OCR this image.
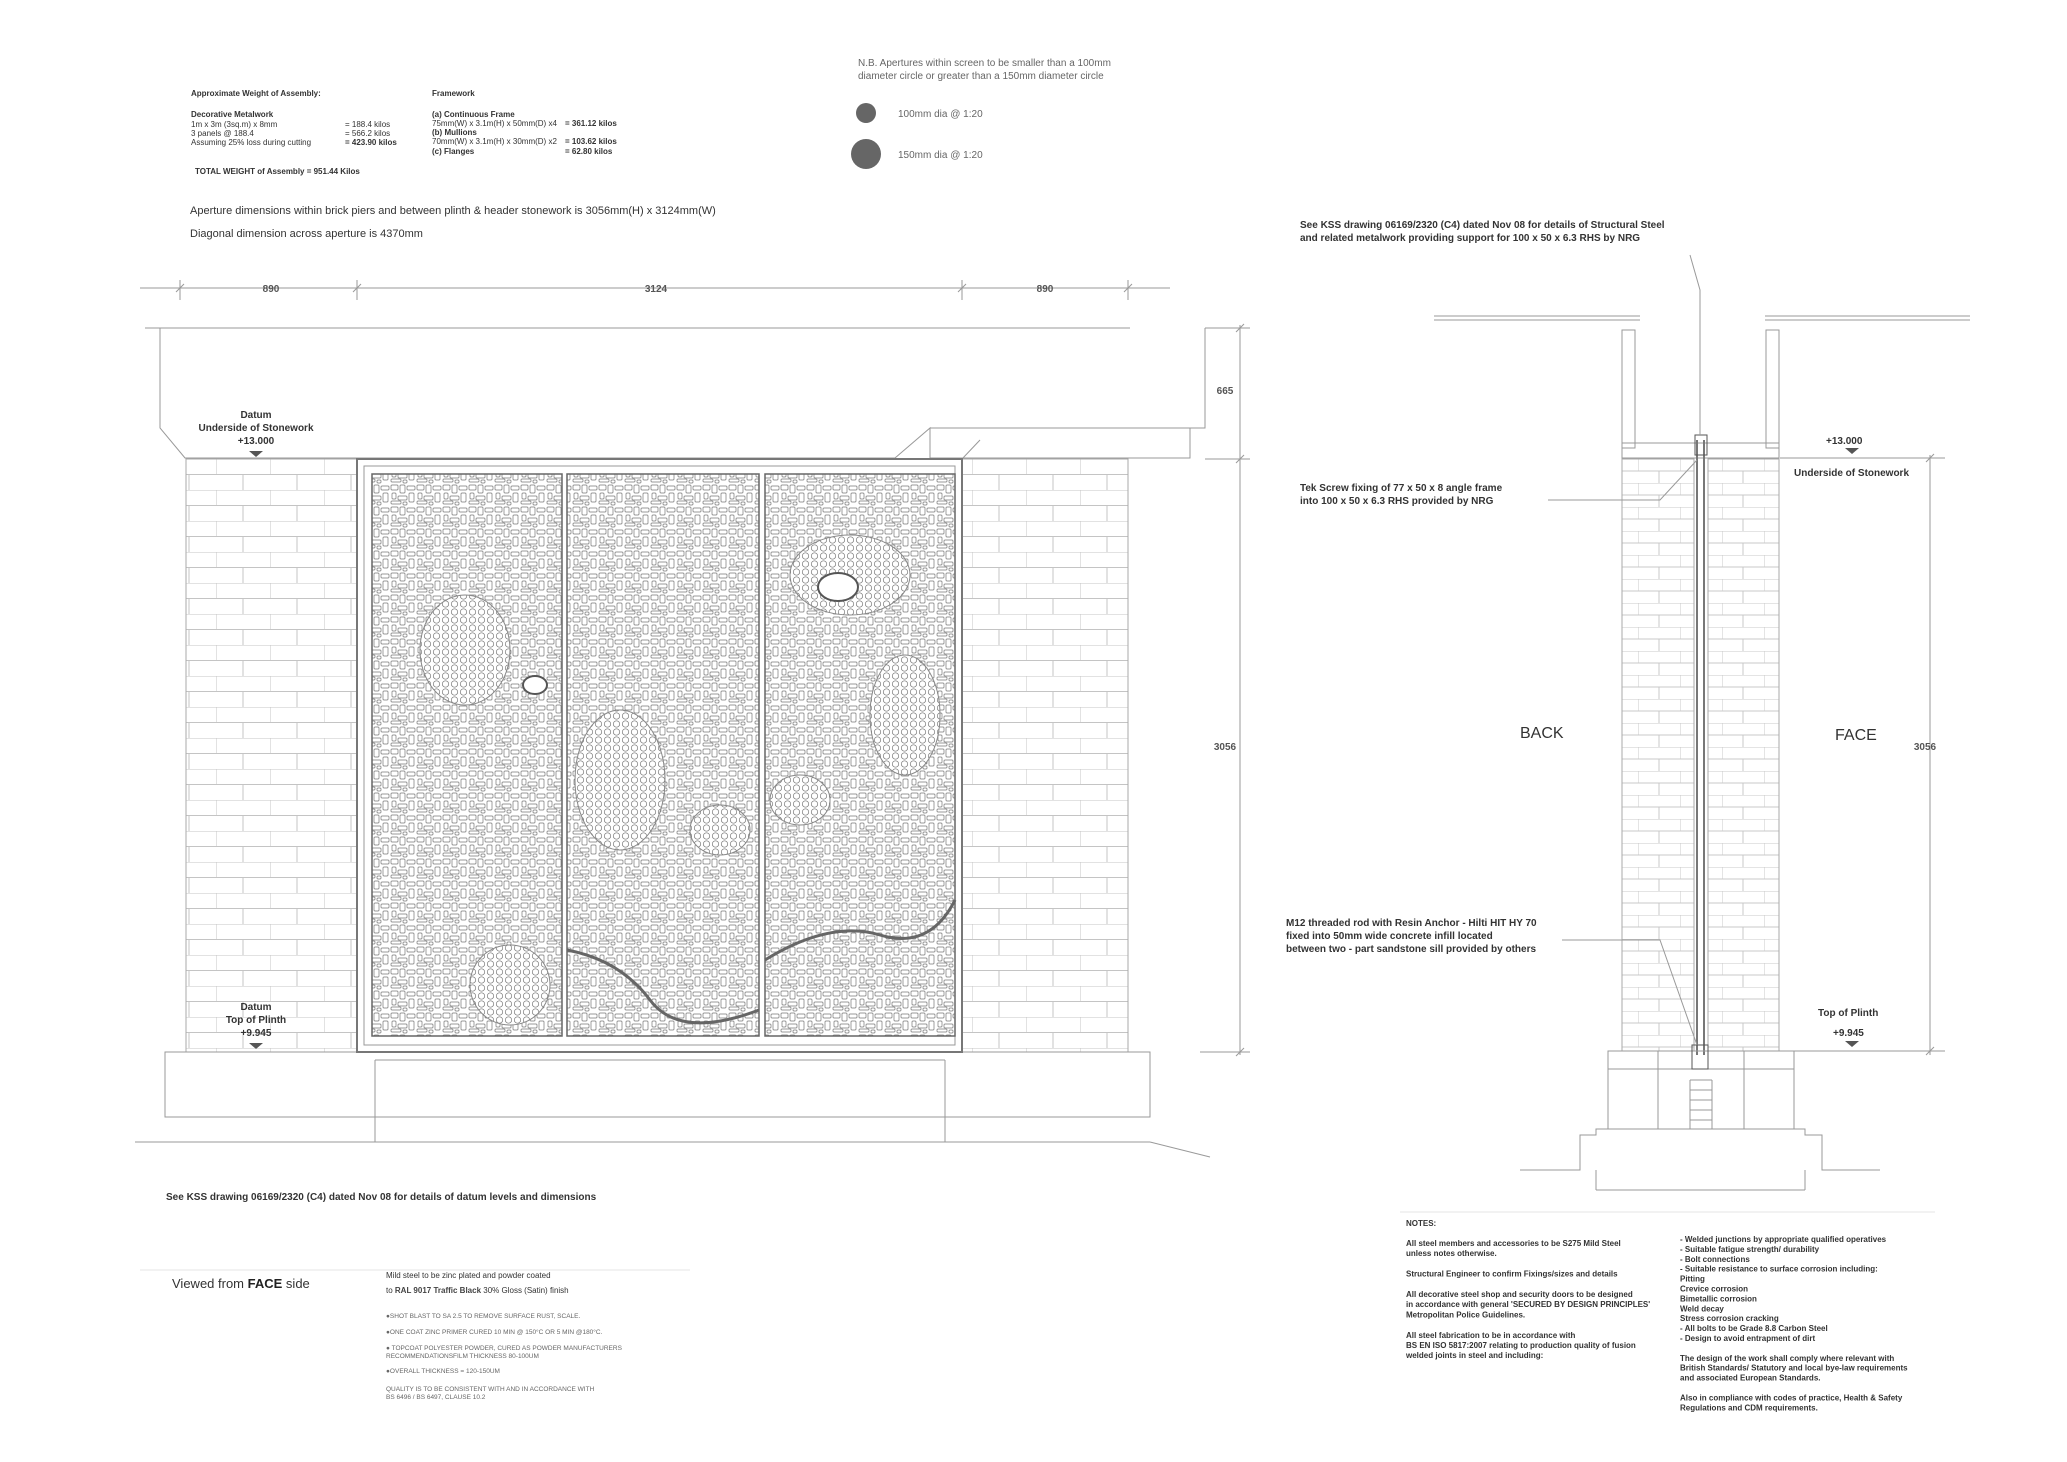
Approximate Weight of Assembly:
Decorative Metalwork
1m x 3m (3sq.m) x 8mm	= 188.4 kilos
3 panels @ 188.4	= 566.2 kilos
Assuming 25% loss during cutting	= 423.90 kilos
TOTAL WEIGHT of Assembly = 951.44 Kilos
Framework
(a) Continuous Frame
75mm(W) x 3.1m(H) x 50mm(D) x4 = 361.12 kilos
(b) Mullions
70mm(W) x 3.1m(H) x 30mm(D) x2 = 103.62 kilos
(c) Flanges	= 62.80 kilos
N.B. Apertures within screen to be smaller than a 100mm
diameter circle or greater than a 150mm diameter circle
100mm dia @ 1:20
150mm dia @ 1:20
Aperture dimensions within brick piers and between plinth & header stonework is 3056mm(H) x 3124mm(W)
Diagonal dimension across aperture is 4370mm
Datum
Underside of Stonework
+13.000
Datum
Top of Plinth
+9.945
890	3124	890
665
3056
See KSS drawing 06169/2320 (C4) dated Nov 08 for details of datum levels and dimensions
Viewed from FACE side
Mild steel to be zinc plated and powder coated
to RAL 9017 Traffic Black 30% Gloss (Satin) finish
●SHOT BLAST TO SA 2.5 TO REMOVE SURFACE RUST, SCALE.
●ONE COAT ZINC PRIMER CURED 10 MIN @ 150°C OR 5 MIN @180°C.
● TOPCOAT POLYESTER POWDER, CURED AS POWDER MANUFACTURERS
RECOMMENDATIONSFILM THICKNESS 80-100UM
●OVERALL THICKNESS = 120-150UM
QUALITY IS TO BE CONSISTENT WITH AND IN ACCORDANCE WITH
BS 6496 / BS 6497, CLAUSE 10.2
See KSS drawing 06169/2320 (C4) dated Nov 08 for details of Structural Steel
and related metalwork providing support for 100 x 50 x 6.3 RHS by NRG
+13.000
Underside of Stonework
Tek Screw fixing of 77 x 50 x 8 angle frame
into 100 x 50 x 6.3 RHS provided by NRG
BACK	FACE
3056
M12 threaded rod with Resin Anchor - Hilti HIT HY 70
fixed into 50mm wide concrete infill located
between two - part sandstone sill provided by others
Top of Plinth
+9.945
NOTES:
All steel members and accessories to be S275 Mild Steel
unless notes otherwise.
Structural Engineer to confirm Fixings/sizes and details
All decorative steel shop and security doors to be designed
in accordance with general 'SECURED BY DESIGN PRINCIPLES'
Metropolitan Police Guidelines.
All steel fabrication to be in accordance with
BS EN ISO 5817:2007 relating to production quality of fusion
welded joints in steel and including:
- Welded junctions by appropriate qualified operatives
- Suitable fatigue strength/ durability
- Bolt connections
- Suitable resistance to surface corrosion including:
Pitting
Crevice corrosion
Bimetallic corrosion
Weld decay
Stress corrosion cracking
- All bolts to be Grade 8.8 Carbon Steel
- Design to avoid entrapment of dirt
The design of the work shall comply where relevant with
British Standards/ Statutory and local bye-law requirements
and associated European Standards.
Also in compliance with codes of practice, Health & Safety
Regulations and CDM requirements.
